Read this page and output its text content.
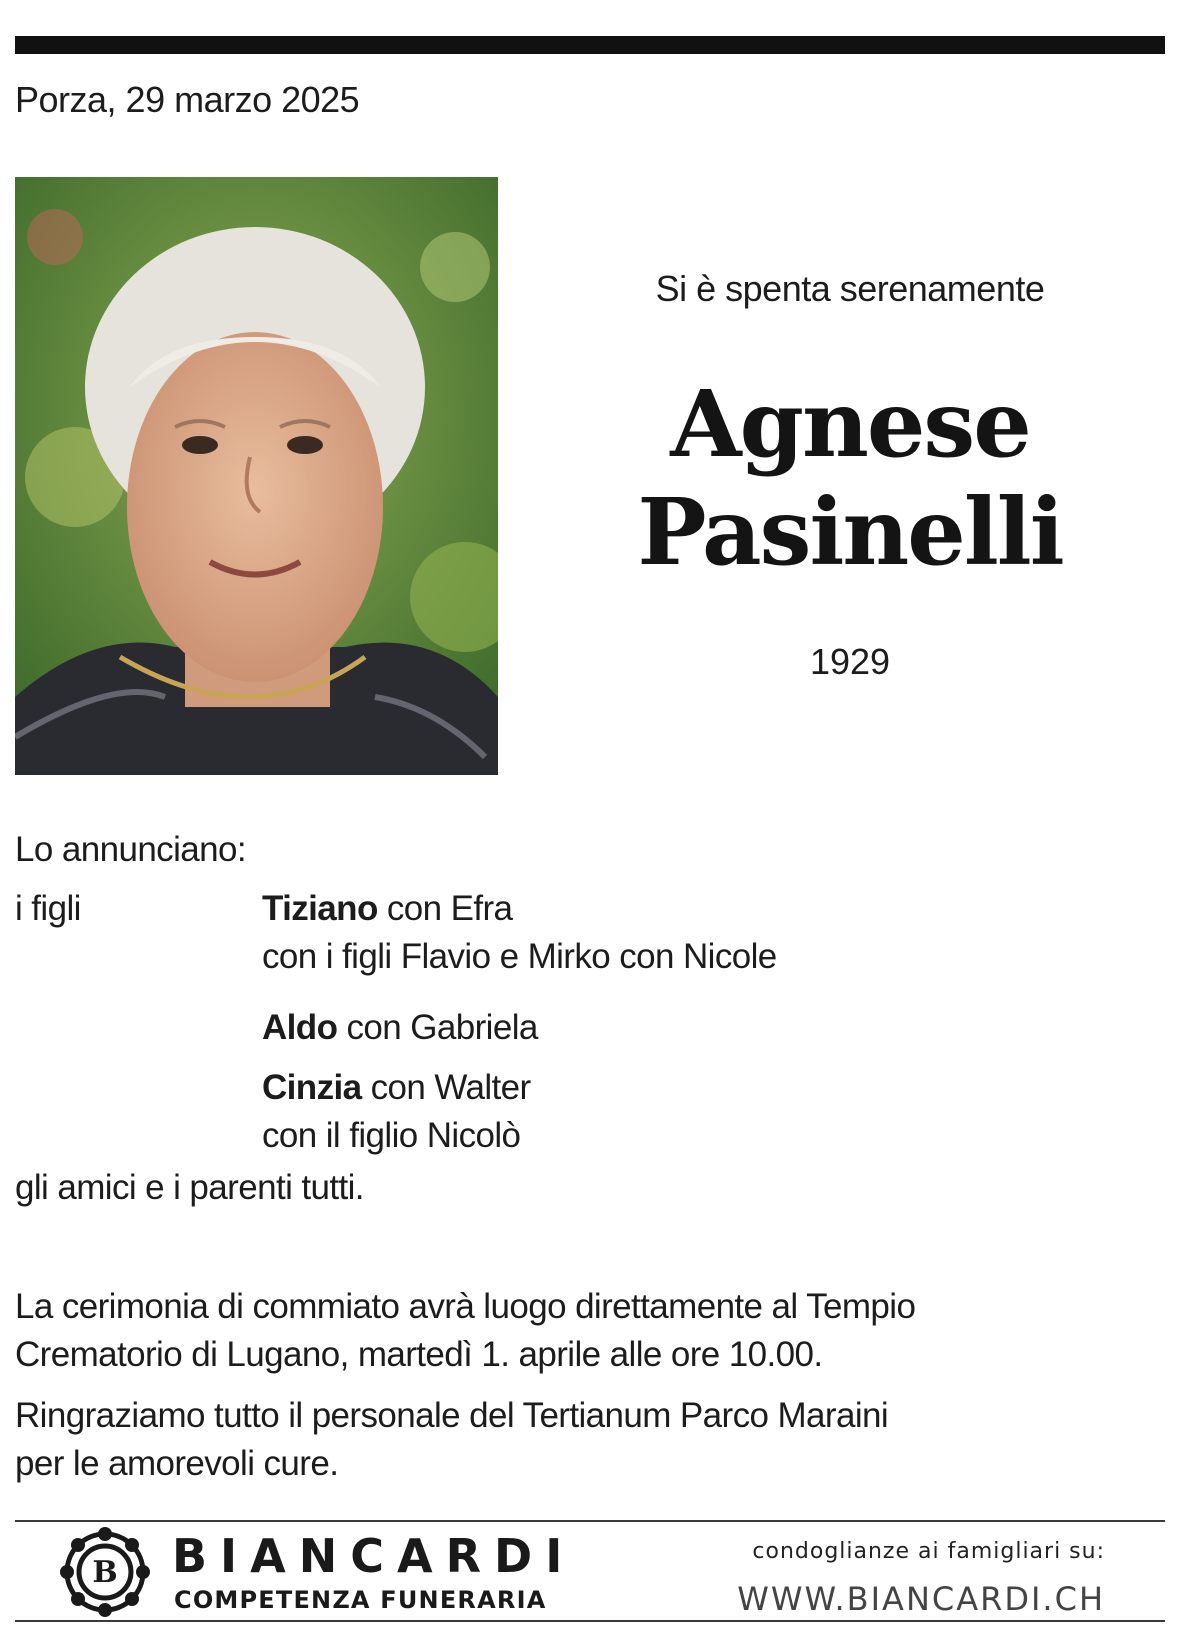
Porza, 29 marzo 2025
Si è spenta serenamente
Agnese
Pasinelli
1929
Lo annunciano:
i figli	Tiziano con Efra
con i figli Flavio e Mirko con Nicole
Aldo con Gabriela
Cinzia con Walter
con il figlio Nicolò
gli amici e i parenti tutti.
La cerimonia di commiato avrà luogo direttamente al Tempio
Crematorio di Lugano, martedì 1. aprile alle ore 10.00.
Ringraziamo tutto il personale del Tertianum Parco Maraini
per le amorevoli cure.
B BIANCARDI
COMPETENZA FUNERARIA
condoglianze ai famigliari su:
WWW.BIANCARDI.CH
